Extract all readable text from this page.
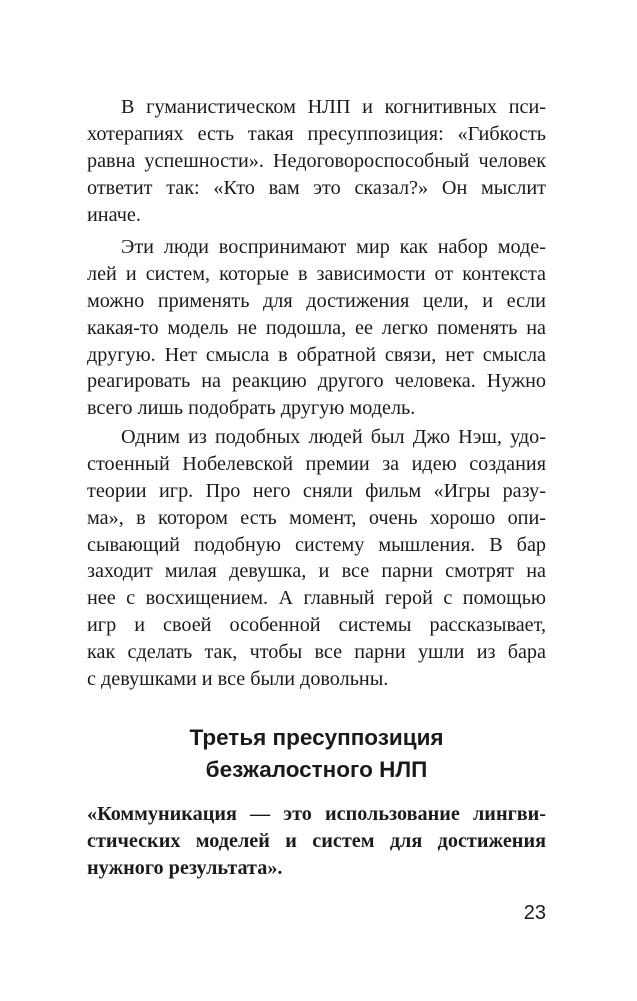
В гуманистическом НЛП и когнитивных пси-
хотерапиях есть такая пресуппозиция: «Гибкость
равна успешности». Недоговороспособный человек
ответит так: «Кто вам это сказал?» Он мыслит
иначе.
Эти люди воспринимают мир как набор моде-
лей и систем, которые в зависимости от контекста
можно применять для достижения цели, и если
какая-то модель не подошла, ее легко поменять на
другую. Нет смысла в обратной связи, нет смысла
реагировать на реакцию другого человека. Нужно
всего лишь подобрать другую модель.
Одним из подобных людей был Джо Нэш, удо-
стоенный Нобелевской премии за идею создания
теории игр. Про него сняли фильм «Игры разу-
ма», в котором есть момент, очень хорошо опи-
сывающий подобную систему мышления. В бар
заходит милая девушка, и все парни смотрят на
нее с восхищением. А главный герой с помощью
игр и своей особенной системы рассказывает,
как сделать так, чтобы все парни ушли из бара
с девушками и все были довольны.
Третья пресуппозиция
безжалостного НЛП
«Коммуникация — это использование лингви-
стических моделей и систем для достижения
нужного результата».
23
